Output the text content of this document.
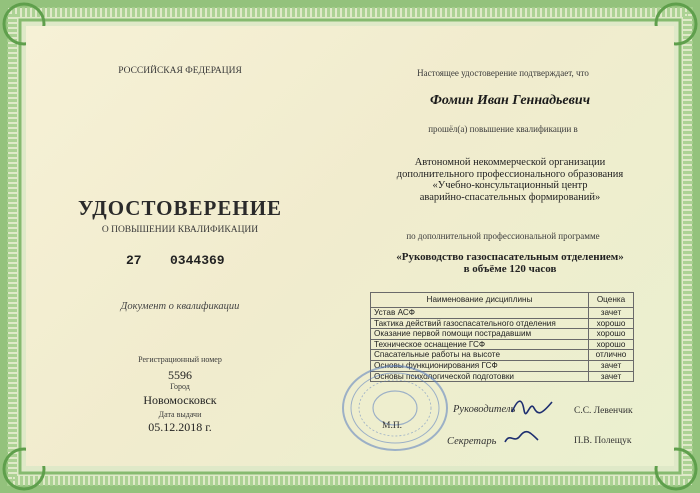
РОССИЙСКАЯ ФЕДЕРАЦИЯ
УДОСТОВЕРЕНИЕ
О ПОВЫШЕНИИ КВАЛИФИКАЦИИ
27 0344369
Документ о квалификации
Регистрационный номер
5596
Город
Новомосковск
Дата выдачи
05.12.2018 г.
Настоящее удостоверение подтверждает, что
Фомин Иван Геннадьевич
прошёл(а) повышение квалификации в
Автономной некоммерческой организации
дополнительного профессионального образования
«Учебно-консультационный центр
аварийно-спасательных формирований»
по дополнительной профессиональной программе
«Руководство газоспасательным отделением»
в объёме 120 часов
Наименование дисциплины	Оценка
Устав АСФ	зачет
Тактика действий газоспасательного отделения	хорошо
Оказание первой помощи пострадавшим	хорошо
Техническое оснащение ГСФ	хорошо
Спасательные работы на высоте	отлично
Основы функционирования ГСФ	зачет
Основы психологической подготовки	зачет
Руководитель	С.С. Левенчик
М.П.
Секретарь	П.В. Полещук
